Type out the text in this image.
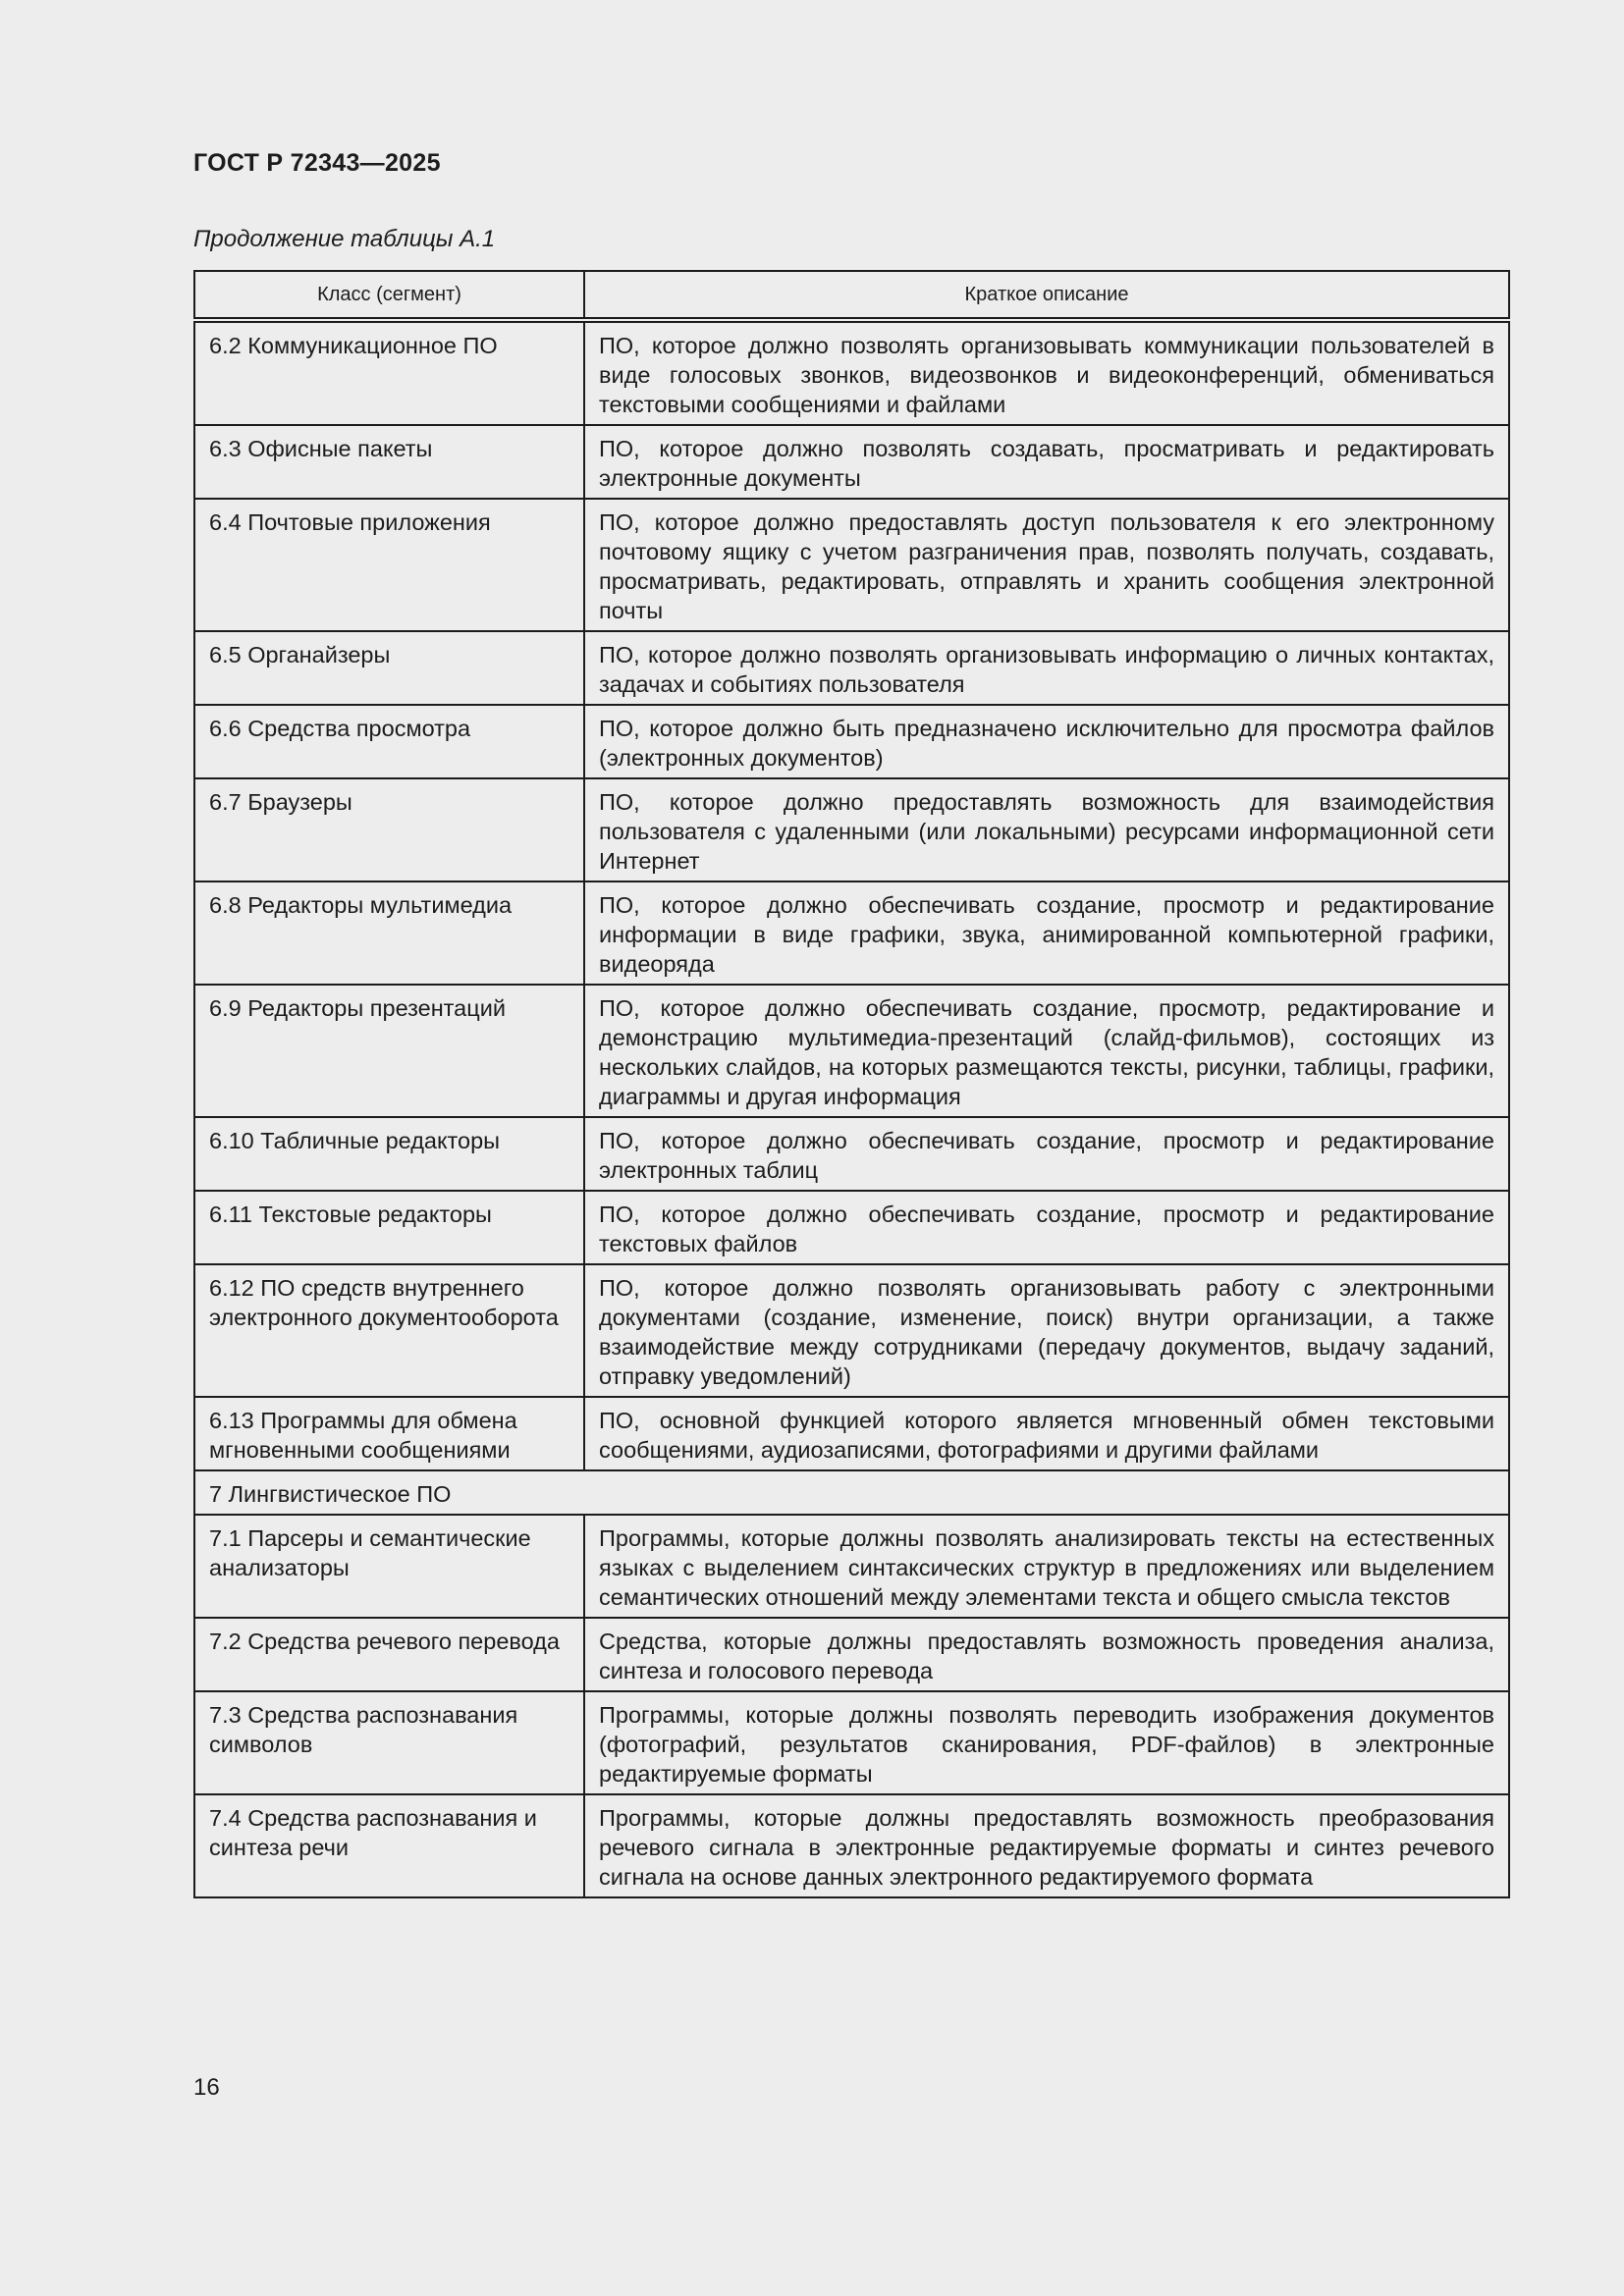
ГОСТ Р 72343—2025
Продолжение таблицы А.1
Класс (сегмент)	Краткое описание
6.2 Коммуникационное ПО	ПО, которое должно позволять организовывать коммуникации пользователей в виде голосовых звонков, видеозвонков и видеоконференций, обмениваться текстовыми сообщениями и файлами
6.3 Офисные пакеты	ПО, которое должно позволять создавать, просматривать и редактировать электронные документы
6.4 Почтовые приложения	ПО, которое должно предоставлять доступ пользователя к его электронному почтовому ящику с учетом разграничения прав, позволять получать, создавать, просматривать, редактировать, отправлять и хранить сообщения электронной почты
6.5 Органайзеры	ПО, которое должно позволять организовывать информацию о личных контактах, задачах и событиях пользователя
6.6 Средства просмотра	ПО, которое должно быть предназначено исключительно для просмотра файлов (электронных документов)
6.7 Браузеры	ПО, которое должно предоставлять возможность для взаимодействия пользователя с удаленными (или локальными) ресурсами информационной сети Интернет
6.8 Редакторы мультимедиа	ПО, которое должно обеспечивать создание, просмотр и редактирование информации в виде графики, звука, анимированной компьютерной графики, видеоряда
6.9 Редакторы презентаций	ПО, которое должно обеспечивать создание, просмотр, редактирование и демонстрацию мультимедиа-презентаций (слайд-фильмов), состоящих из нескольких слайдов, на которых размещаются тексты, рисунки, таблицы, графики, диаграммы и другая информация
6.10 Табличные редакторы	ПО, которое должно обеспечивать создание, просмотр и редактирование электронных таблиц
6.11 Текстовые редакторы	ПО, которое должно обеспечивать создание, просмотр и редактирование текстовых файлов
6.12 ПО средств внутреннего электронного документооборота	ПО, которое должно позволять организовывать работу с электронными документами (создание, изменение, поиск) внутри организации, а также взаимодействие между сотрудниками (передачу документов, выдачу заданий, отправку уведомлений)
6.13 Программы для обмена мгновенными сообщениями	ПО, основной функцией которого является мгновенный обмен текстовыми сообщениями, аудиозаписями, фотографиями и другими файлами
7 Лингвистическое ПО	
7.1 Парсеры и семантические анализаторы	Программы, которые должны позволять анализировать тексты на естественных языках с выделением синтаксических структур в предложениях или выделением семантических отношений между элементами текста и общего смысла текстов
7.2 Средства речевого перевода	Средства, которые должны предоставлять возможность проведения анализа, синтеза и голосового перевода
7.3 Средства распознавания символов	Программы, которые должны позволять переводить изображения документов (фотографий, результатов сканирования, PDF-файлов) в электронные редактируемые форматы
7.4 Средства распознавания и синтеза речи	Программы, которые должны предоставлять возможность преобразования речевого сигнала в электронные редактируемые форматы и синтез речевого сигнала на основе данных электронного редактируемого формата
16
